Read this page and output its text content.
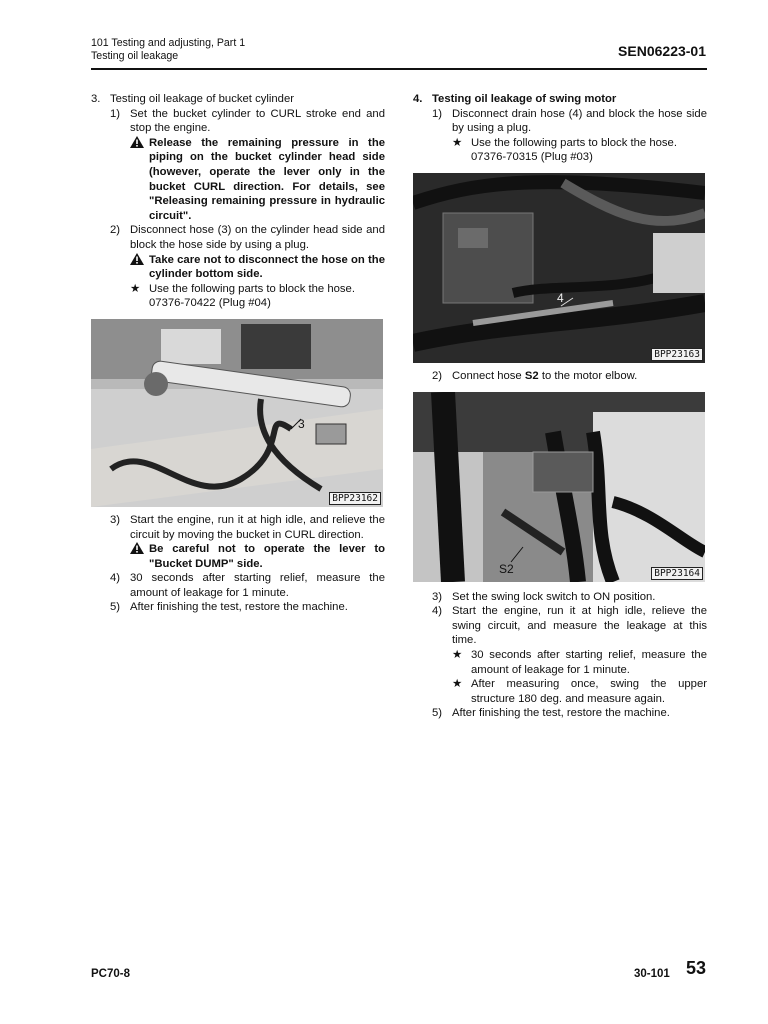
101 Testing and adjusting, Part 1
Testing oil leakage	SEN06223-01
3. Testing oil leakage of bucket cylinder
1) Set the bucket cylinder to CURL stroke end and stop the engine.
Release the remaining pressure in the piping on the bucket cylinder head side (however, operate the lever only in the bucket CURL direction. For details, see "Releasing remaining pressure in hydraulic circuit".
2) Disconnect hose (3) on the cylinder head side and block the hose side by using a plug.
Take care not to disconnect the hose on the cylinder bottom side.
★ Use the following parts to block the hose.
07376-70422 (Plug #04)
3
BPP23162
3) Start the engine, run it at high idle, and relieve the circuit by moving the bucket in CURL direction.
Be careful not to operate the lever to "Bucket DUMP" side.
4) 30 seconds after starting relief, measure the amount of leakage for 1 minute.
5) After finishing the test, restore the machine.
4. Testing oil leakage of swing motor
1) Disconnect drain hose (4) and block the hose side by using a plug.
★ Use the following parts to block the hose.
07376-70315 (Plug #03)
4
BPP23163
2) Connect hose S2 to the motor elbow.
S2	BPP23164
3) Set the swing lock switch to ON position.
4) Start the engine, run it at high idle, relieve the swing circuit, and measure the leakage at this time.
★ 30 seconds after starting relief, measure the amount of leakage for 1 minute.
★ After measuring once, swing the upper structure 180 deg. and measure again.
5) After finishing the test, restore the machine.
PC70-8	30-101 53
